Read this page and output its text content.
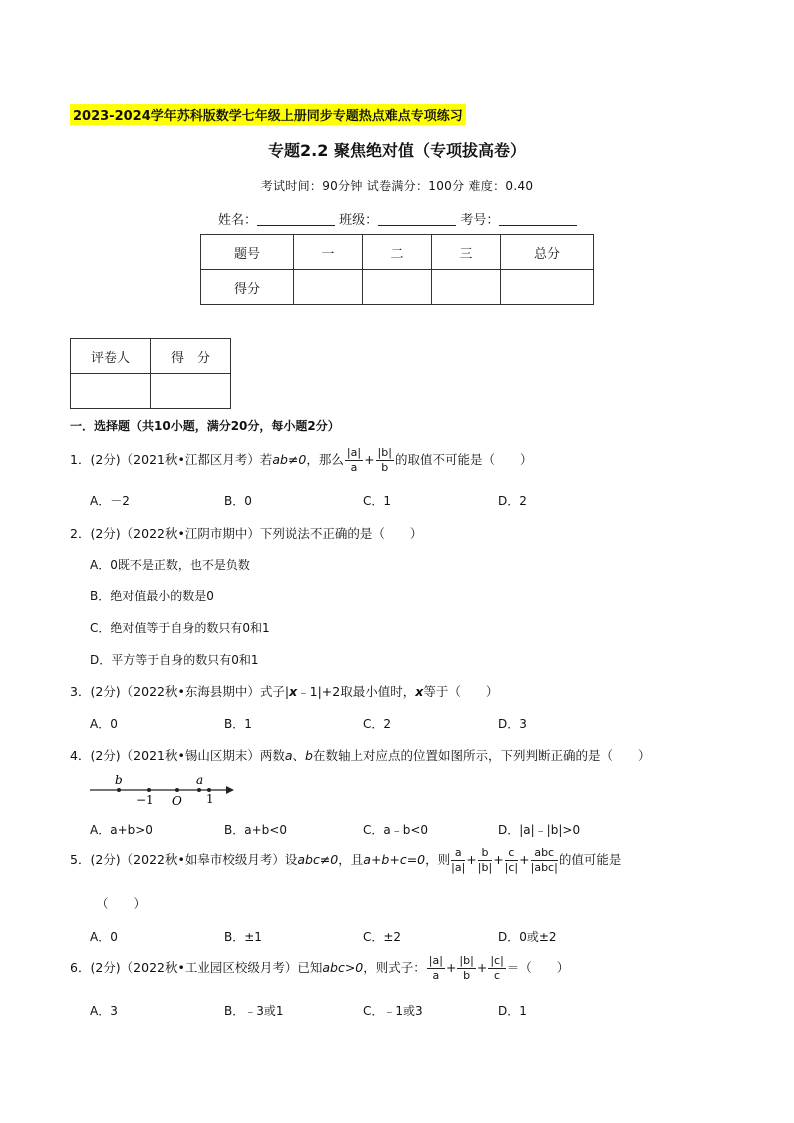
2023-2024学年苏科版数学七年级上册同步专题热点难点专项练习
专题2.2 聚焦绝对值（专项拔高卷）
考试时间：90分钟 试卷满分：100分 难度：0.40
姓名：	班级：	考号：
题号	一	二	三	总分
得分				
评卷人	得　分

一．选择题（共10小题，满分20分，每小题2分）
1．(2分)（2021秋•江都区月考）若ab≠0，那么 $\frac{|a|}{a} + \frac{|b|}{b}$ 的取值不可能是（　　）
A．－2	B．0	C．1	D．2
2．(2分)（2022秋•江阴市期中）下列说法不正确的是（　　）
A．0既不是正数，也不是负数
B．绝对值最小的数是0
C．绝对值等于自身的数只有0和1
D．平方等于自身的数只有0和1
3．(2分)（2022秋•东海县期中）式子|x﹣1|+2取最小值时，x等于（　　）
A．0	B．1	C．2	D．3
4．(2分)（2021秋•锡山区期末）两数a、b在数轴上对应点的位置如图所示，下列判断正确的是（　　）
b	a
−1 O 1
A．a+b>0	B．a+b<0	C．a﹣b<0	D．|a|﹣|b|>0
5．(2分)（2022秋•如皋市校级月考）设abc≠0，且a+b+c=0，则 $\frac{a}{|a|} + \frac{b}{|b|} + \frac{c}{|c|} + \frac{\text{abc}}{\text{|abc|}}$ 的值可能是
（　　）
A．0	B．±1	C．±2	D．0或±2
6．(2分)（2022秋•工业园区校级月考）已知abc>0，则式子： $\frac{|a|}{a} + \frac{|b|}{b} + \frac{|c|}{c}$ ＝（　　）
A．3	B．﹣3或1	C．﹣1或3	D．1
